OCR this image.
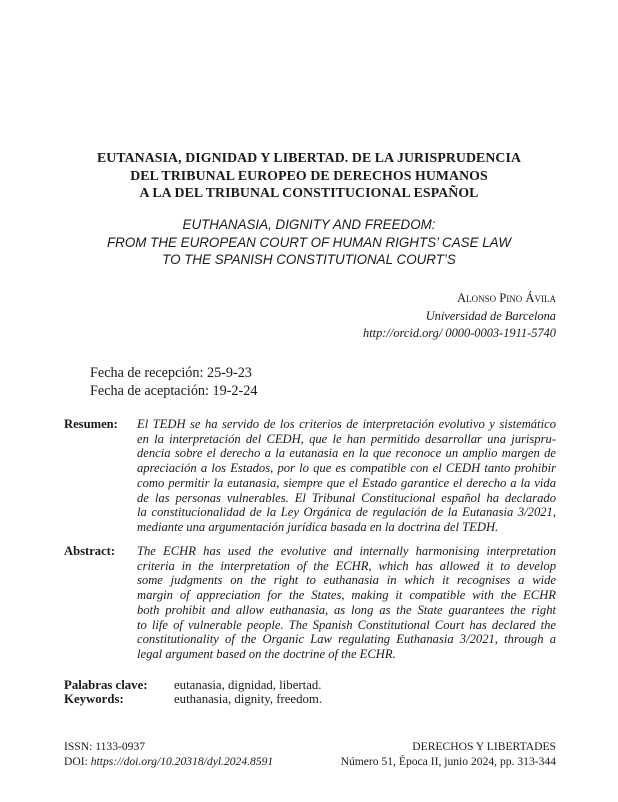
EUTANASIA, DIGNIDAD Y LIBERTAD. DE LA JURISPRUDENCIA
DEL TRIBUNAL EUROPEO DE DERECHOS HUMANOS
A LA DEL TRIBUNAL CONSTITUCIONAL ESPAÑOL
EUTHANASIA, DIGNITY AND FREEDOM:
FROM THE EUROPEAN COURT OF HUMAN RIGHTS’ CASE LAW
TO THE SPANISH CONSTITUTIONAL COURT’S
Alonso Pino Ávila
Universidad de Barcelona
http://orcid.org/ 0000-0003-1911-5740
Fecha de recepción: 25-9-23
Fecha de aceptación: 19-2-24
Resumen:	El TEDH se ha servido de los criterios de interpretación evolutivo y sistemático
en la interpretación del CEDH, que le han permitido desarrollar una jurispru-
dencia sobre el derecho a la eutanasia en la que reconoce un amplio margen de
apreciación a los Estados, por lo que es compatible con el CEDH tanto prohibir
como permitir la eutanasia, siempre que el Estado garantice el derecho a la vida
de las personas vulnerables. El Tribunal Constitucional español ha declarado
la constitucionalidad de la Ley Orgánica de regulación de la Eutanasia 3/2021,
mediante una argumentación jurídica basada en la doctrina del TEDH.
Abstract:	The ECHR has used the evolutive and internally harmonising interpretation
criteria in the interpretation of the ECHR, which has allowed it to develop
some judgments on the right to euthanasia in which it recognises a wide
margin of appreciation for the States, making it compatible with the ECHR
both prohibit and allow euthanasia, as long as the State guarantees the right
to life of vulnerable people. The Spanish Constitutional Court has declared the
constitutionality of the Organic Law regulating Euthanasia 3/2021, through a
legal argument based on the doctrine of the ECHR.
Palabras clave:	eutanasia, dignidad, libertad.
Keywords:	euthanasia, dignity, freedom.
ISSN: 1133-0937
DOI: https://doi.org/10.20318/dyl.2024.8591
DERECHOS Y LIBERTADES
Número 51, Época II, junio 2024, pp. 313-344
